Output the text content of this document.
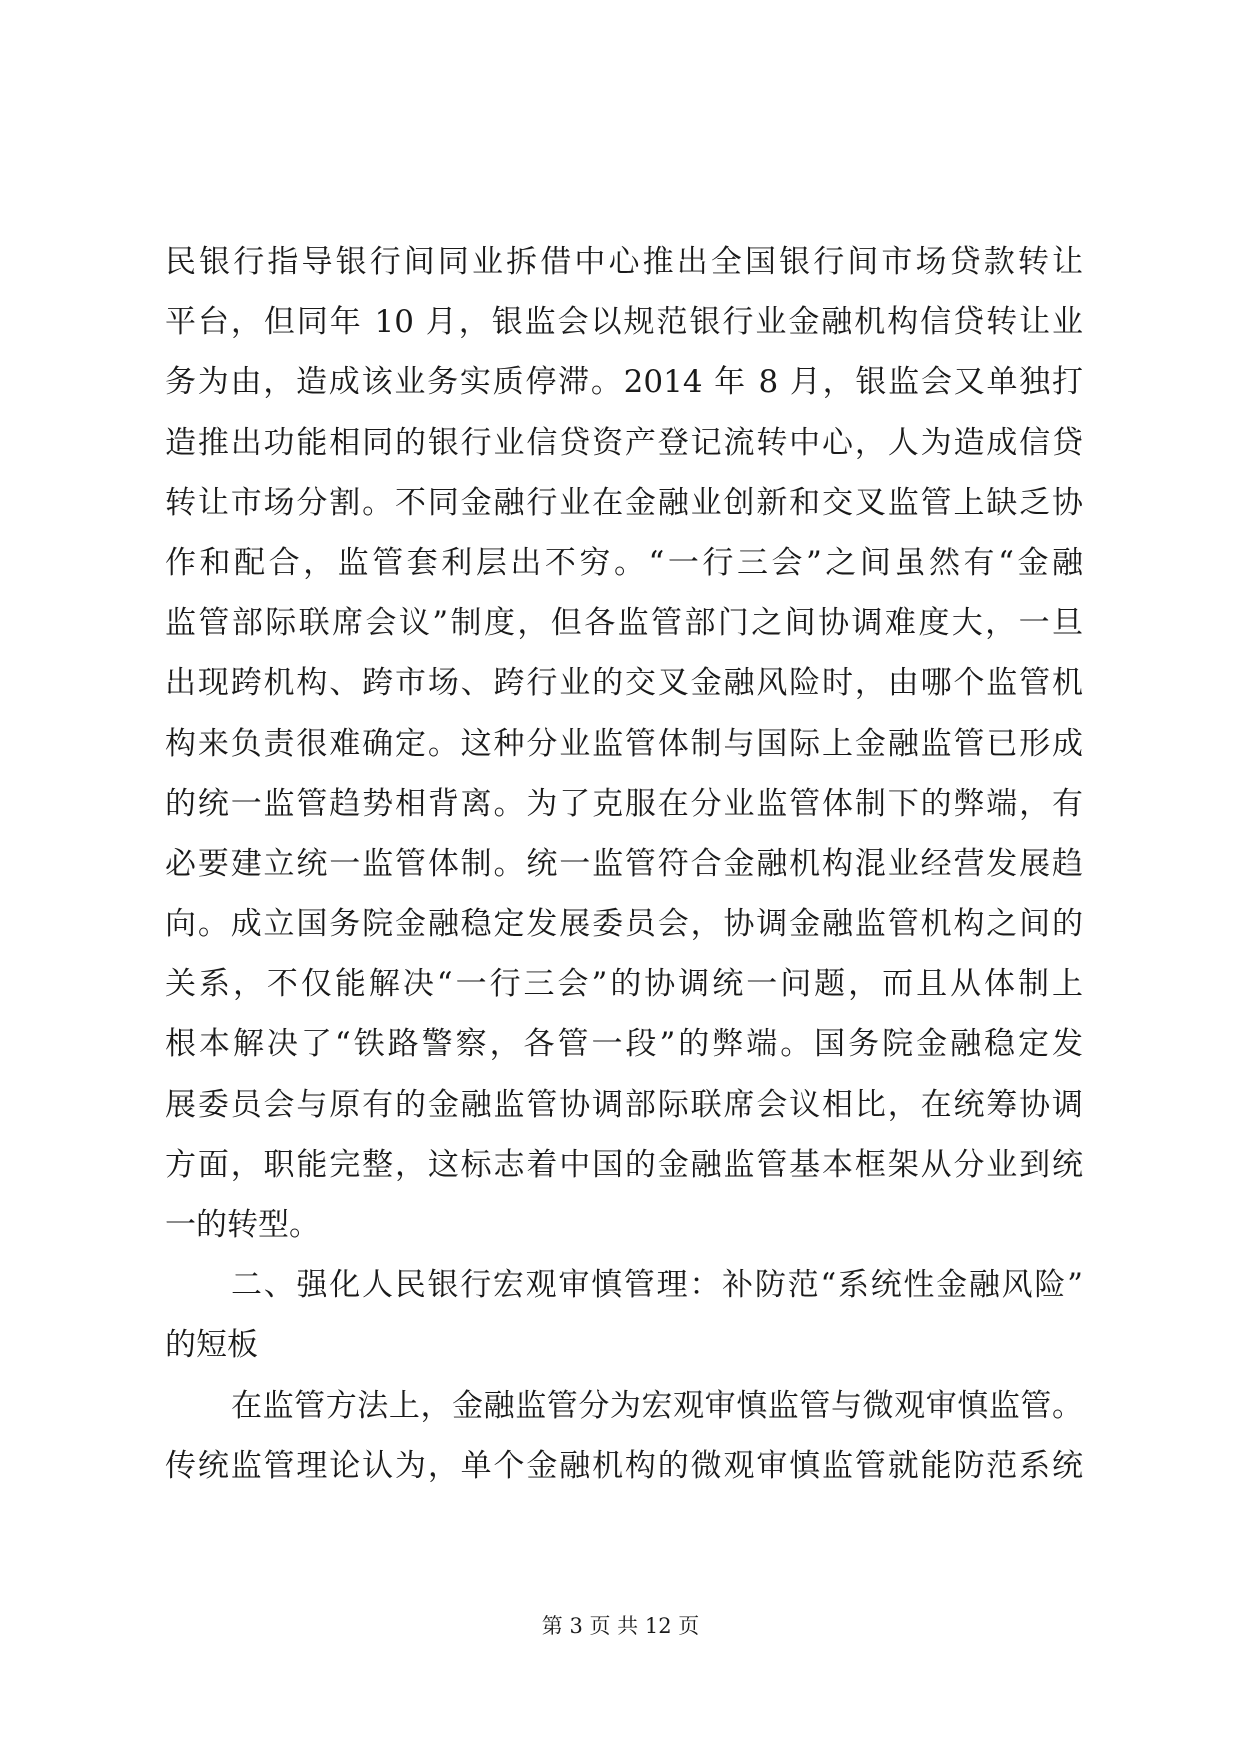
民银行指导银行间同业拆借中心推出全国银行间市场贷款转让
平台，但同年 10 月，银监会以规范银行业金融机构信贷转让业
务为由，造成该业务实质停滞。2014 年 8 月，银监会又单独打
造推出功能相同的银行业信贷资产登记流转中心，人为造成信贷
转让市场分割。不同金融行业在金融业创新和交叉监管上缺乏协
作和配合，监管套利层出不穷。“一行三会”之间虽然有“金融
监管部际联席会议”制度，但各监管部门之间协调难度大，一旦
出现跨机构、跨市场、跨行业的交叉金融风险时，由哪个监管机
构来负责很难确定。这种分业监管体制与国际上金融监管已形成
的统一监管趋势相背离。为了克服在分业监管体制下的弊端，有
必要建立统一监管体制。统一监管符合金融机构混业经营发展趋
向。成立国务院金融稳定发展委员会，协调金融监管机构之间的
关系，不仅能解决“一行三会”的协调统一问题，而且从体制上
根本解决了“铁路警察，各管一段”的弊端。国务院金融稳定发
展委员会与原有的金融监管协调部际联席会议相比，在统筹协调
方面，职能完整，这标志着中国的金融监管基本框架从分业到统
一的转型。
二、强化人民银行宏观审慎管理：补防范“系统性金融风险”
的短板
在监管方法上，金融监管分为宏观审慎监管与微观审慎监管。
传统监管理论认为，单个金融机构的微观审慎监管就能防范系统
第 3 页 共 12 页
